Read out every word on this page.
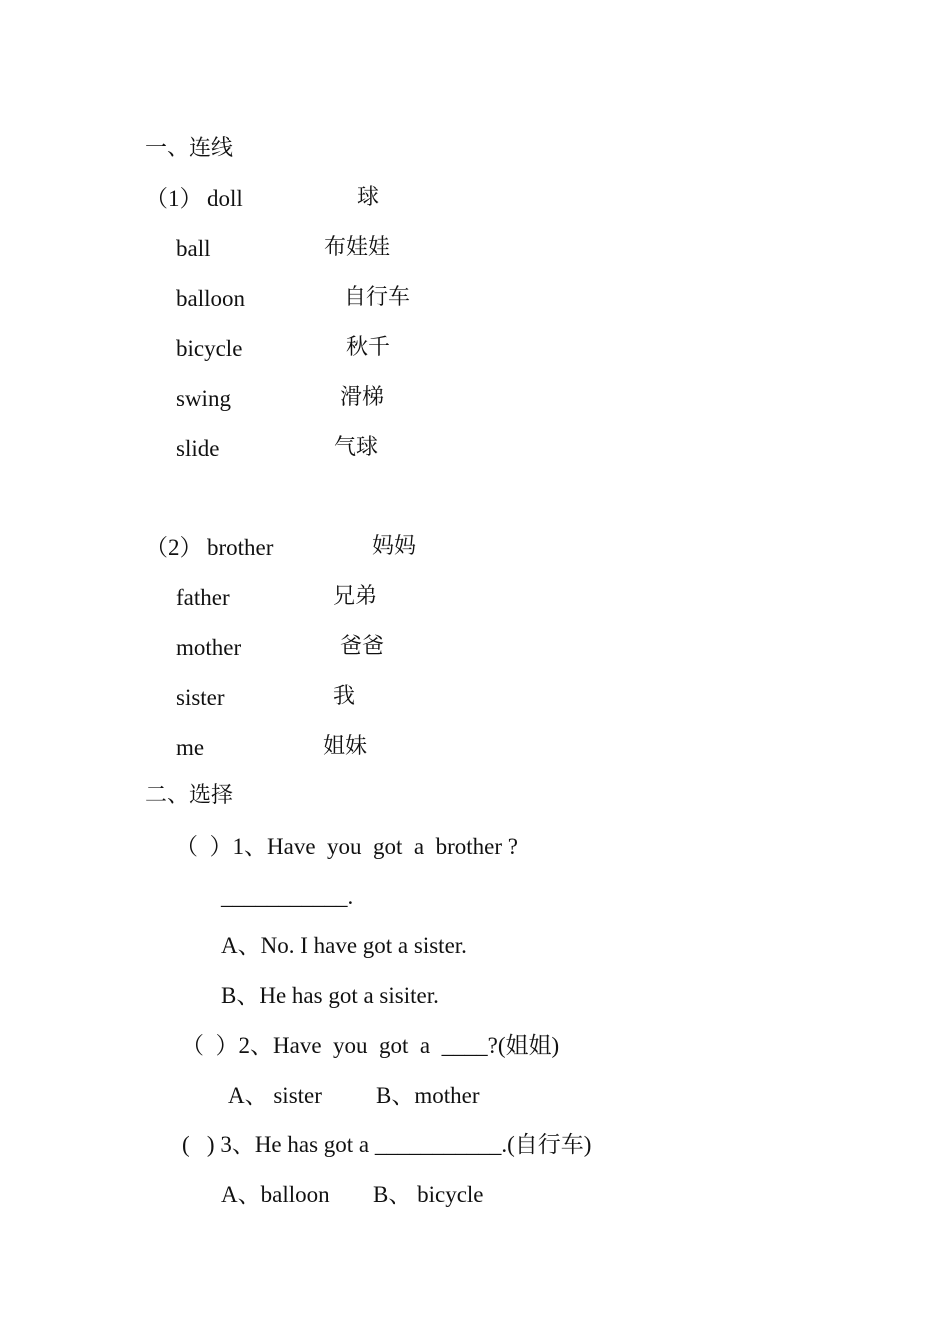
一、连线
（1） doll	球
ball	布娃娃
balloon	自行车
bicycle	秋千
swing	滑梯
slide	气球
（2） brother	妈妈
father	兄弟
mother	爸爸
sister	我
me	姐妹
二、选择
（  ）1、Have  you  got  a  brother ?
___________.
A、No. I have got a sister.
B、He has got a sisiter.
（  ）2、Have  you  got  a  ____?(姐姐)
A、 sister B、mother
(   ) 3、He has got a ___________.(自行车)
A、balloon B、 bicycle
